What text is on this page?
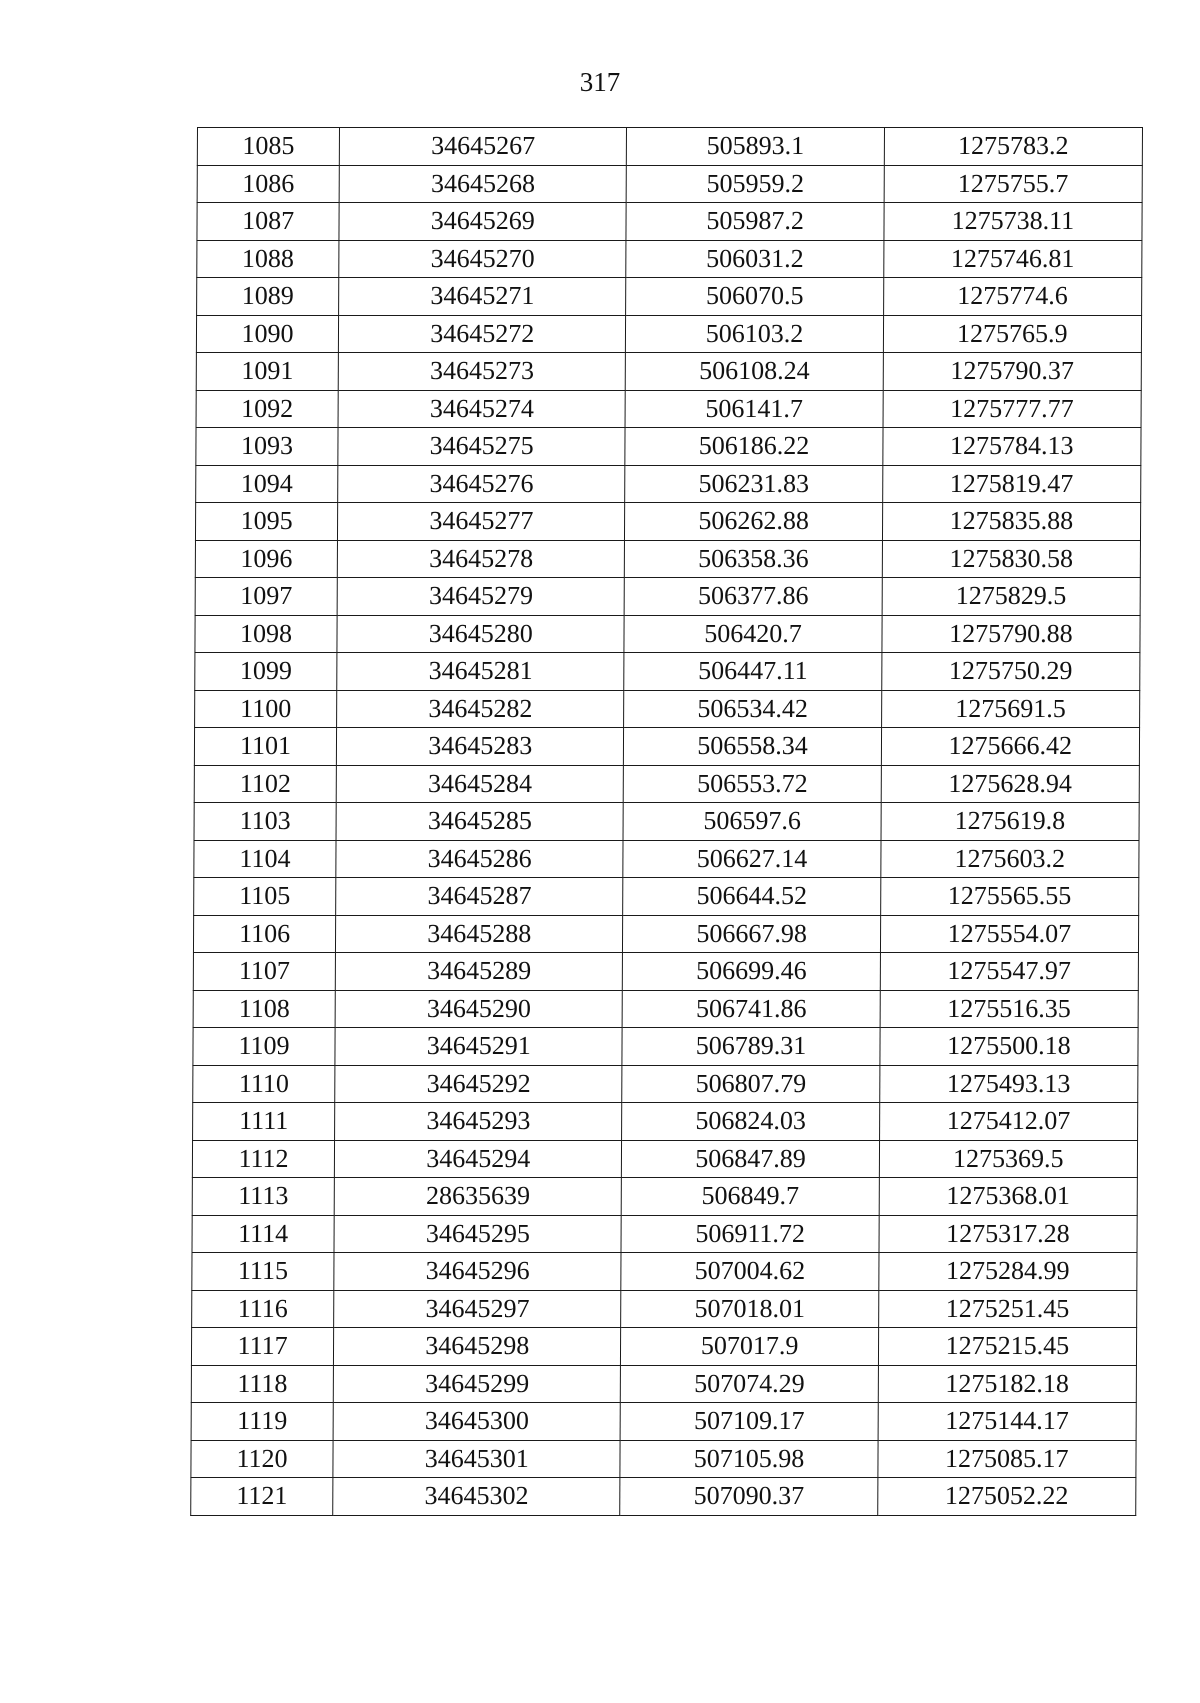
317
1085	34645267	505893.1	1275783.2
1086	34645268	505959.2	1275755.7
1087	34645269	505987.2	1275738.11
1088	34645270	506031.2	1275746.81
1089	34645271	506070.5	1275774.6
1090	34645272	506103.2	1275765.9
1091	34645273	506108.24	1275790.37
1092	34645274	506141.7	1275777.77
1093	34645275	506186.22	1275784.13
1094	34645276	506231.83	1275819.47
1095	34645277	506262.88	1275835.88
1096	34645278	506358.36	1275830.58
1097	34645279	506377.86	1275829.5
1098	34645280	506420.7	1275790.88
1099	34645281	506447.11	1275750.29
1100	34645282	506534.42	1275691.5
1101	34645283	506558.34	1275666.42
1102	34645284	506553.72	1275628.94
1103	34645285	506597.6	1275619.8
1104	34645286	506627.14	1275603.2
1105	34645287	506644.52	1275565.55
1106	34645288	506667.98	1275554.07
1107	34645289	506699.46	1275547.97
1108	34645290	506741.86	1275516.35
1109	34645291	506789.31	1275500.18
1110	34645292	506807.79	1275493.13
1111	34645293	506824.03	1275412.07
1112	34645294	506847.89	1275369.5
1113	28635639	506849.7	1275368.01
1114	34645295	506911.72	1275317.28
1115	34645296	507004.62	1275284.99
1116	34645297	507018.01	1275251.45
1117	34645298	507017.9	1275215.45
1118	34645299	507074.29	1275182.18
1119	34645300	507109.17	1275144.17
1120	34645301	507105.98	1275085.17
1121	34645302	507090.37	1275052.22
